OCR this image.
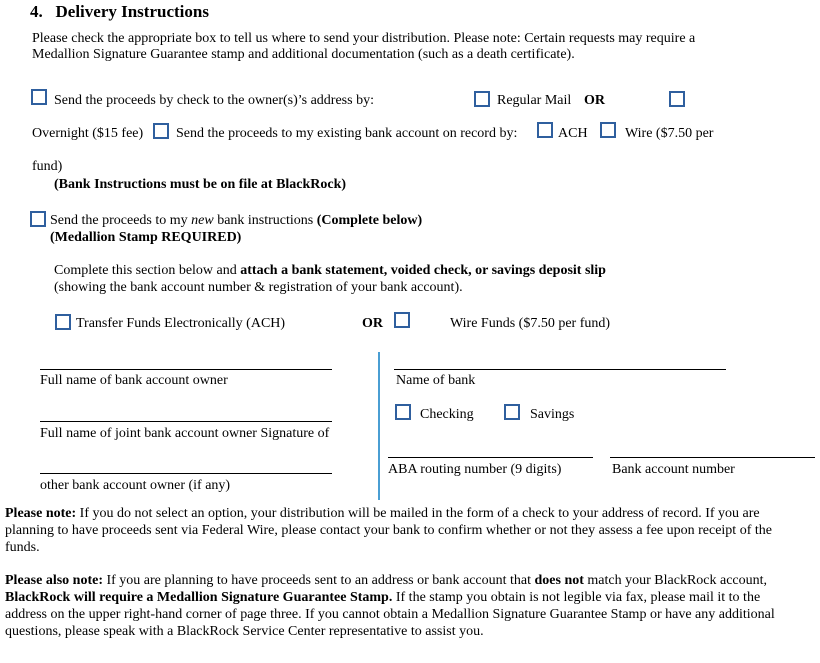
4. Delivery Instructions
Please check the appropriate box to tell us where to send your distribution. Please note: Certain requests may require a
Medallion Signature Guarantee stamp and additional documentation (such as a death certificate).
Send the proceeds by check to the owner(s)’s address by:	Regular Mail OR
Overnight ($15 fee) Send the proceeds to my existing bank account on record by:	ACH	Wire ($7.50 per
fund)
(Bank Instructions must be on file at BlackRock)
Send the proceeds to my new bank instructions (Complete below)
(Medallion Stamp REQUIRED)
Complete this section below and attach a bank statement, voided check, or savings deposit slip
(showing the bank account number & registration of your bank account).
Transfer Funds Electronically (ACH)	OR	Wire Funds ($7.50 per fund)
Full name of bank account owner
Full name of joint bank account owner Signature of
other bank account owner (if any)
Name of bank
Checking	Savings
ABA routing number (9 digits)	Bank account number
Please note: If you do not select an option, your distribution will be mailed in the form of a check to your address of record. If you are planning to have proceeds sent via Federal Wire, please contact your bank to confirm whether or not they assess a fee upon receipt of the funds.
Please also note: If you are planning to have proceeds sent to an address or bank account that does not match your BlackRock account, BlackRock will require a Medallion Signature Guarantee Stamp. If the stamp you obtain is not legible via fax, please mail it to the address on the upper right-hand corner of page three. If you cannot obtain a Medallion Signature Guarantee Stamp or have any additional questions, please speak with a BlackRock Service Center representative to assist you.
